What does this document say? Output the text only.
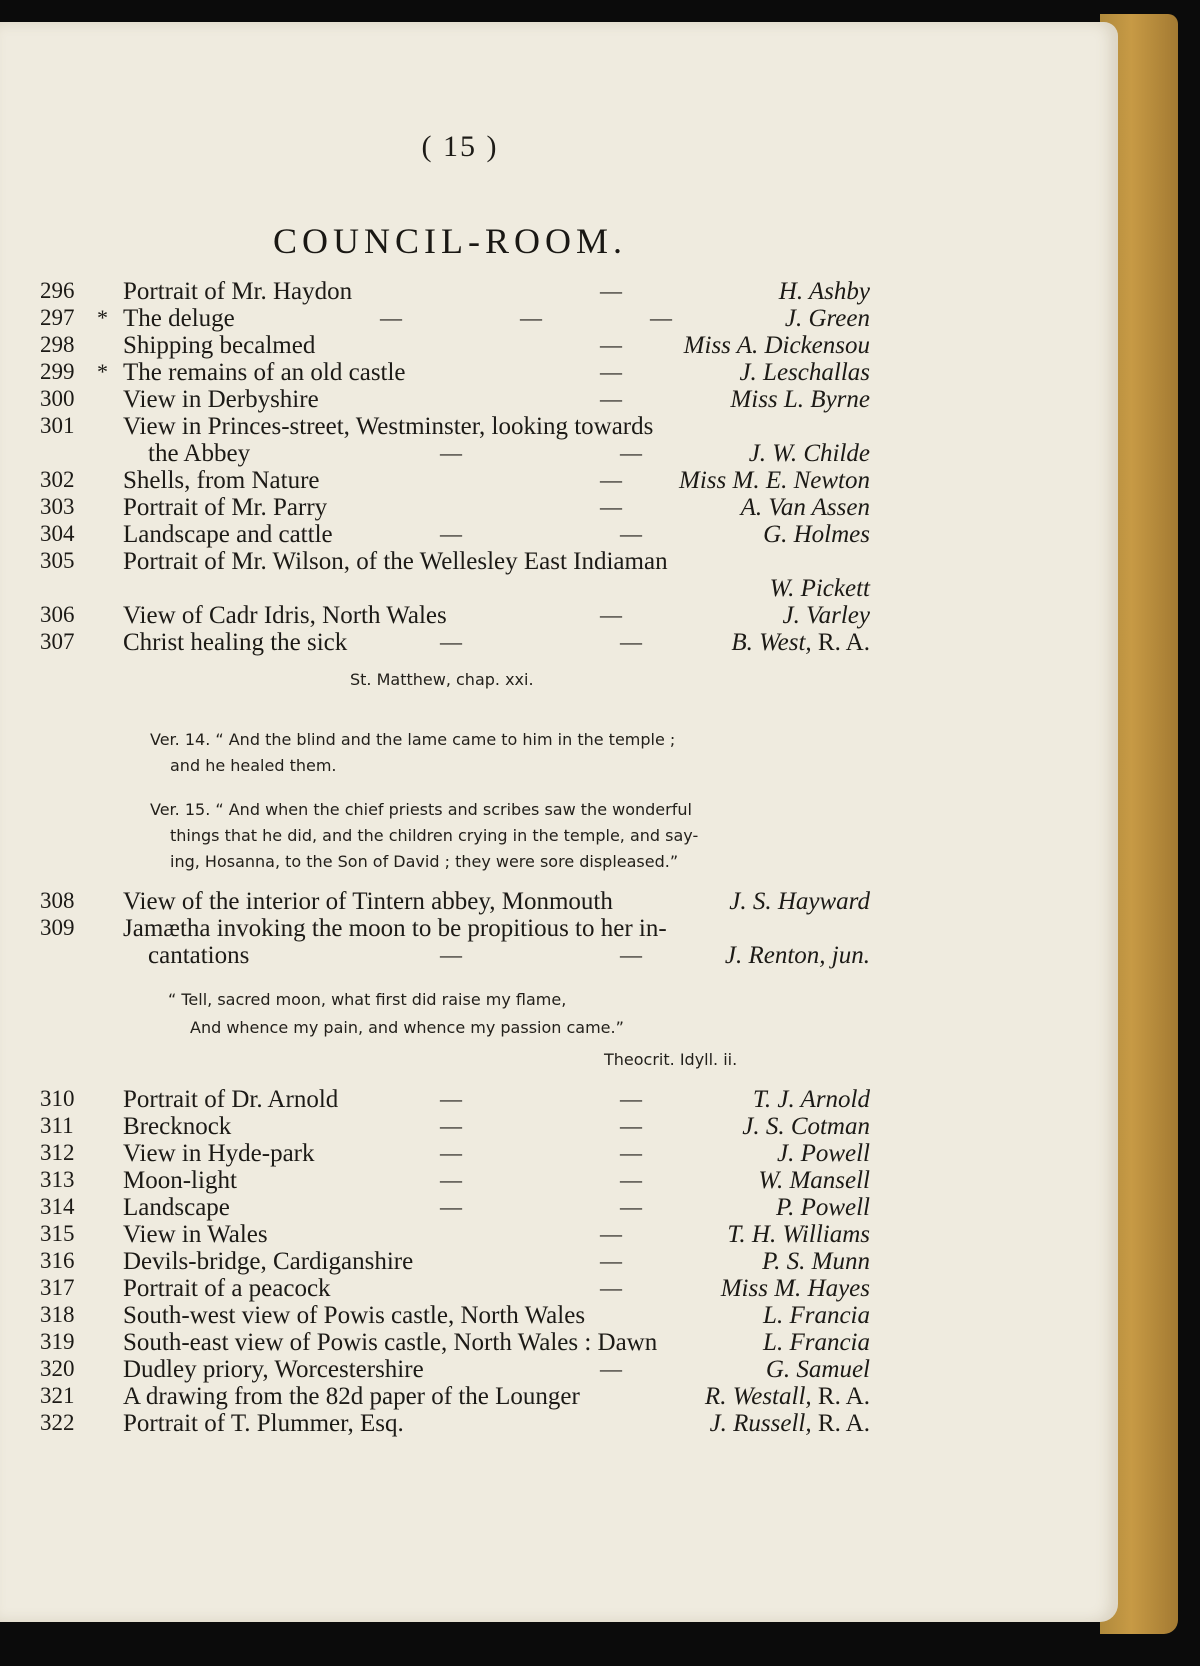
( 15 )
COUNCIL-ROOM.
296 Portrait of Mr. Haydon	—	H. Ashby
297 * The deluge	—	—	—	J. Green
298 Shipping becalmed	— Miss A. Dickensou
299 * The remains of an old castle	—	J. Leschallas
300 View in Derbyshire	—	Miss L. Byrne
301 View in Princes-street, Westminster, looking towards
the Abbey	—	—	J. W. Childe
302 Shells, from Nature	— Miss M. E. Newton
303 Portrait of Mr. Parry	—	A. Van Assen
304 Landscape and cattle	—	—	G. Holmes
305 Portrait of Mr. Wilson, of the Wellesley East Indiaman
W. Pickett
306 View of Cadr Idris, North Wales	—	J. Varley
307 Christ healing the sick	—	—	B. West, R. A.
St. Matthew, chap. xxi.
Ver. 14. “ And the blind and the lame came to him in the temple ;
and he healed them.
Ver. 15. “ And when the chief priests and scribes saw the wonderful
things that he did, and the children crying in the temple, and say-
ing, Hosanna, to the Son of David ; they were sore displeased.”
308 View of the interior of Tintern abbey, Monmouth	J. S. Hayward
309 Jamætha invoking the moon to be propitious to her in-
cantations	—	—	J. Renton, jun.
“ Tell, sacred moon, what first did raise my flame,
And whence my pain, and whence my passion came.”
Theocrit. Idyll. ii.
310 Portrait of Dr. Arnold	—	—	T. J. Arnold
311 Brecknock	—	—	J. S. Cotman
312 View in Hyde-park	—	—	J. Powell
313 Moon-light	—	—	W. Mansell
314 Landscape	—	—	P. Powell
315 View in Wales	—	T. H. Williams
316 Devils-bridge, Cardiganshire	—	P. S. Munn
317 Portrait of a peacock	—	Miss M. Hayes
318 South-west view of Powis castle, North Wales	L. Francia
319 South-east view of Powis castle, North Wales : Dawn	L. Francia
320 Dudley priory, Worcestershire	—	G. Samuel
321 A drawing from the 82d paper of the Lounger	R. Westall, R. A.
322 Portrait of T. Plummer, Esq.	J. Russell, R. A.
